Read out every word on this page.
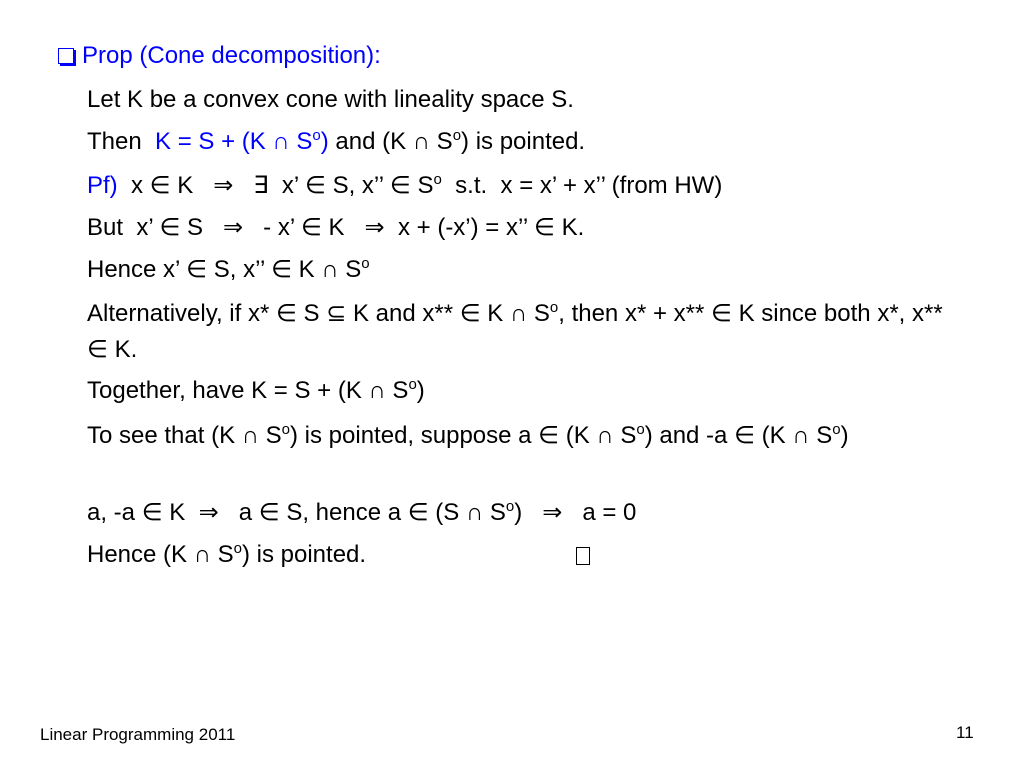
Prop (Cone decomposition):
Let K be a convex cone with lineality space S.
Then K = S + (K ∩ $S^o$) and (K ∩ $S^o$) is pointed.
Pf) x ∈ K   ⇒   ∃  x’ ∈ S, x’’ ∈ $S^o$  s.t.  x = x’ + x’’ (from HW)
But  x’ ∈ S   ⇒   - x’ ∈ K   ⇒  x + (-x’) = x’’ ∈ K.
Hence x’ ∈ S, x’’ ∈ K ∩ $S^o$
Alternatively, if x* ∈ S ⊆ K and x** ∈ K ∩ $S^o$, then x* + x** ∈ K since both x*, x** ∈ K.
Together, have K = S + (K ∩ $S^o$)
To see that (K ∩ $S^o$) is pointed, suppose a ∈ (K ∩ $S^o$) and -a ∈ (K ∩ $S^o$)
a, -a ∈ K  ⇒   a ∈ S, hence a ∈ (S ∩ $S^o$)   ⇒   a = 0
Hence (K ∩ $S^o$) is pointed.
Linear Programming 2011	11
